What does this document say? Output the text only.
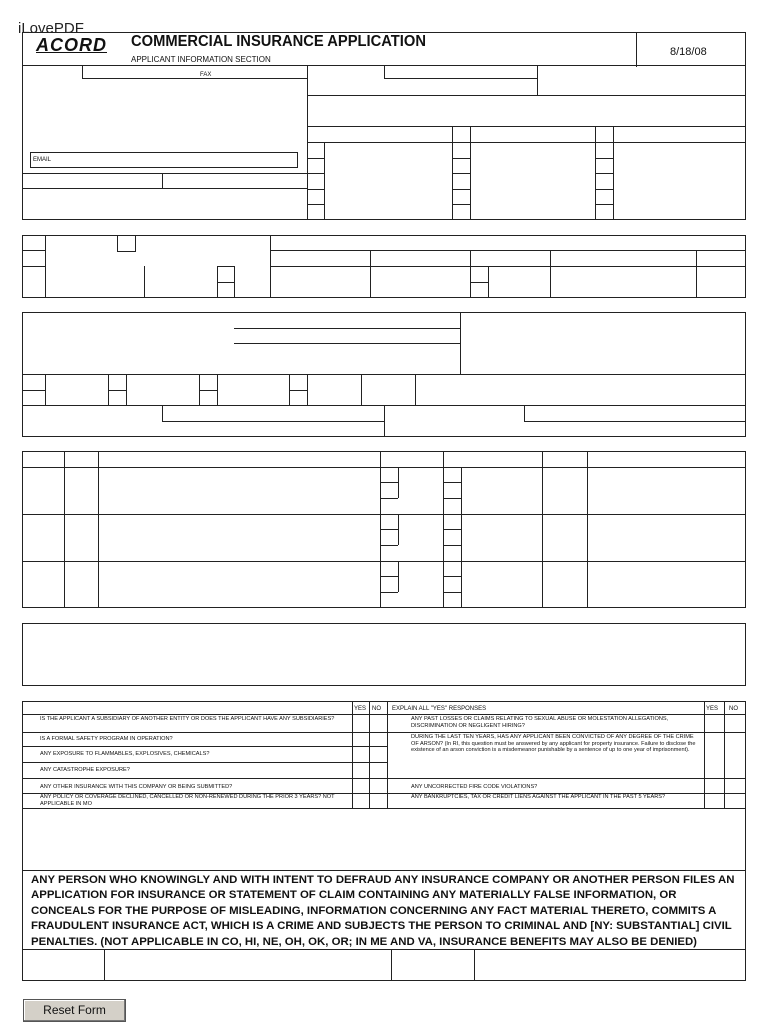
iLovePDF
ACORD COMMERCIAL INSURANCE APPLICATION
APPLICANT INFORMATION SECTION
8/18/08
FAX
EMAIL
YES NO EXPLAIN ALL "YES" RESPONSES	YES NO
IS THE APPLICANT A SUBSIDIARY OF ANOTHER ENTITY OR DOES THE APPLICANT HAVE ANY SUBSIDIARIES?
IS A FORMAL SAFETY PROGRAM IN OPERATION?
ANY EXPOSURE TO FLAMMABLES, EXPLOSIVES, CHEMICALS?
ANY CATASTROPHE EXPOSURE?
ANY OTHER INSURANCE WITH THIS COMPANY OR BEING SUBMITTED?
ANY POLICY OR COVERAGE DECLINED, CANCELLED OR NON-RENEWED DURING THE PRIOR 3 YEARS? NOT APPLICABLE IN MO
ANY PAST LOSSES OR CLAIMS RELATING TO SEXUAL ABUSE OR MOLESTATION ALLEGATIONS, DISCRIMINATION OR NEGLIGENT HIRING?
DURING THE LAST TEN YEARS, HAS ANY APPLICANT BEEN CONVICTED OF ANY DEGREE OF THE CRIME OF ARSON? (In RI, this question must be answered by any applicant for property insurance. Failure to disclose the existence of an arson conviction is a misdemeanor punishable by a sentence of up to one year of imprisonment).
ANY UNCORRECTED FIRE CODE VIOLATIONS?
ANY BANKRUPTCIES, TAX OR CREDIT LIENS AGAINST THE APPLICANT IN THE PAST 5 YEARS?
ANY PERSON WHO KNOWINGLY AND WITH INTENT TO DEFRAUD ANY INSURANCE COMPANY OR ANOTHER PERSON FILES AN
APPLICATION FOR INSURANCE OR STATEMENT OF CLAIM CONTAINING ANY MATERIALLY FALSE INFORMATION, OR
CONCEALS FOR THE PURPOSE OF MISLEADING, INFORMATION CONCERNING ANY FACT MATERIAL THERETO, COMMITS A
FRAUDULENT INSURANCE ACT, WHICH IS A CRIME AND SUBJECTS THE PERSON TO CRIMINAL AND [NY: SUBSTANTIAL] CIVIL
PENALTIES. (NOT APPLICABLE IN CO, HI, NE, OH, OK, OR; IN ME AND VA, INSURANCE BENEFITS MAY ALSO BE DENIED)
Reset Form
